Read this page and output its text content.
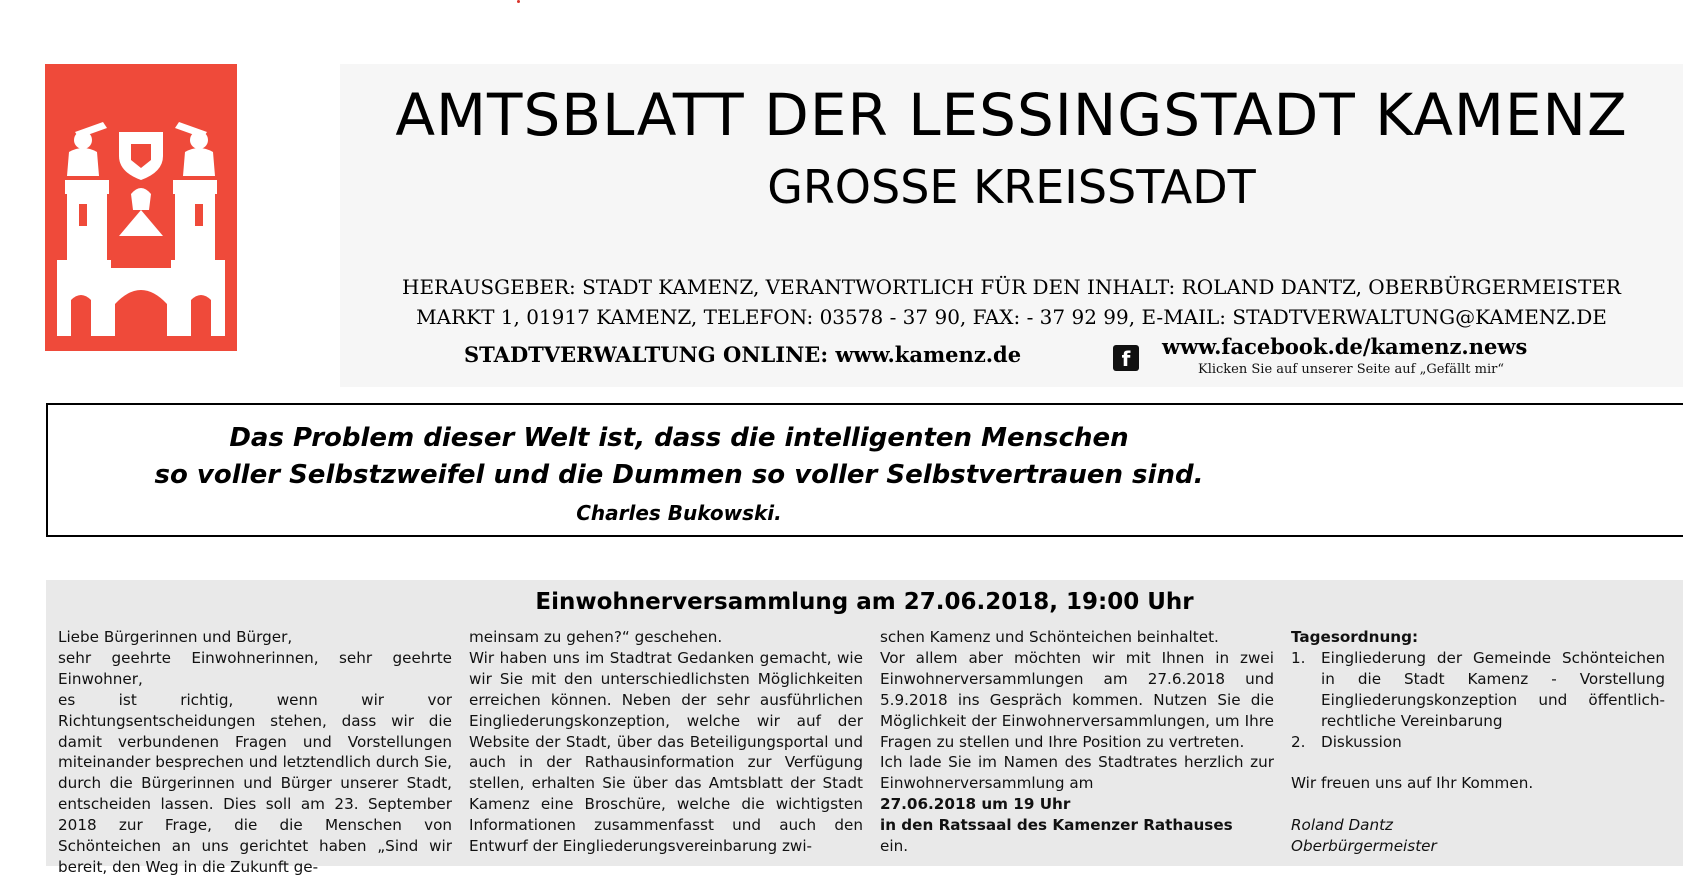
AMTSBLATT DER LESSINGSTADT KAMENZ
GROSSE KREISSTADT
HERAUSGEBER: STADT KAMENZ, VERANTWORTLICH FÜR DEN INHALT: ROLAND DANTZ, OBERBÜRGERMEISTER
MARKT 1, 01917 KAMENZ, TELEFON: 03578 - 37 90, FAX: - 37 92 99, E-MAIL: STADTVERWALTUNG@KAMENZ.DE
STADTVERWALTUNG ONLINE: www.kamenz.de	f	www.facebook.de/kamenz.news
Klicken Sie auf unserer Seite auf „Gefällt mir“
Das Problem dieser Welt ist, dass die intelligenten Menschen
so voller Selbstzweifel und die Dummen so voller Selbstvertrauen sind.
Charles Bukowski.
Einwohnerversammlung am 27.06.2018, 19:00 Uhr

Liebe Bürgerinnen und Bürger,

sehr geehrte Einwohnerinnen, sehr geehrte Einwohner,

es ist richtig, wenn wir vor Richtungsentscheidungen stehen, dass wir die damit verbundenen Fragen und Vorstellungen miteinander besprechen und letztendlich durch Sie, durch die Bürgerinnen und Bürger unserer Stadt, entscheiden lassen. Dies soll am 23. September 2018 zur Frage, die die Menschen von Schönteichen an uns gerichtet haben „Sind wir bereit, den Weg in die Zukunft ge-

meinsam zu gehen?“ geschehen.

Wir haben uns im Stadtrat Gedanken gemacht, wie wir Sie mit den unterschiedlichsten Möglichkeiten erreichen können. Neben der sehr ausführlichen Eingliederungskonzeption, welche wir auf der Website der Stadt, über das Beteiligungsportal und auch in der Rathausinformation zur Verfügung stellen, erhalten Sie über das Amtsblatt der Stadt Kamenz eine Broschüre, welche die wichtigsten Informationen zusammenfasst und auch den Entwurf der Eingliederungsvereinbarung zwi-

schen Kamenz und Schönteichen beinhaltet.

Vor allem aber möchten wir mit Ihnen in zwei Einwohnerversammlungen am 27.6.2018 und 5.9.2018 ins Gespräch kommen. Nutzen Sie die Möglichkeit der Einwohnerversammlungen, um Ihre Fragen zu stellen und Ihre Position zu vertreten.

Ich lade Sie im Namen des Stadtrates herzlich zur Einwohnerversammlung am

27.06.2018 um 19 Uhr

in den Ratssaal des Kamenzer Rathauses

ein.

Tagesordnung:

1. Eingliederung der Gemeinde Schönteichen in die Stadt Kamenz - Vorstellung Eingliederungskonzeption und öffentlich-rechtliche Vereinbarung
2. Diskussion

Wir freuen uns auf Ihr Kommen.

Roland Dantz

Oberbürgermeister
